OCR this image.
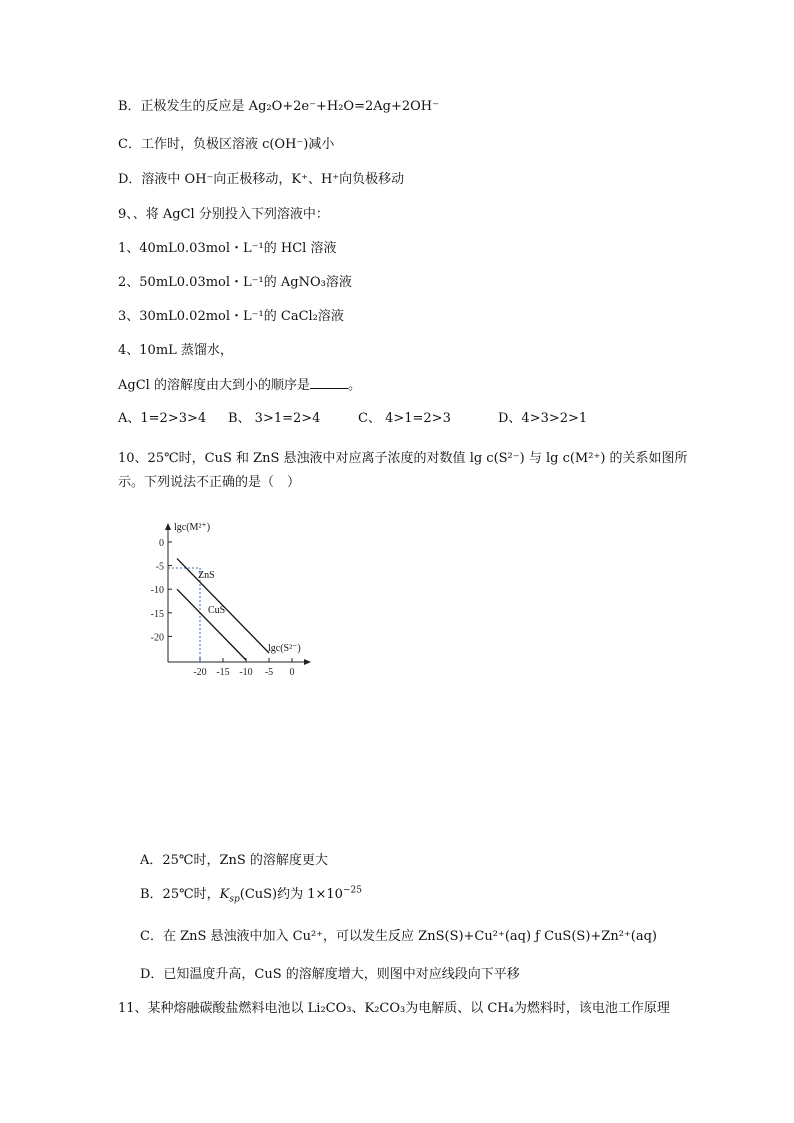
B．正极发生的反应是 Ag₂O+2e⁻+H₂O=2Ag+2OH⁻
C．工作时，负极区溶液 c(OH⁻)减小
D．溶液中 OH⁻向正极移动，K⁺、H⁺向负极移动
9、、将 AgCl 分别投入下列溶液中：
1、40mL0.03mol・L⁻¹的 HCl 溶液
2、50mL0.03mol・L⁻¹的 AgNO₃溶液
3、30mL0.02mol・L⁻¹的 CaCl₂溶液
4、10mL 蒸馏水，
AgCl 的溶解度由大到小的顺序是	。
A、1=2>3>4 B、 3>1=2>4	C、 4>1=2>3	D、4>3>2>1
10、25℃时，CuS 和 ZnS 悬浊液中对应离子浓度的对数值 lg c(S²⁻) 与 lg c(M²⁺) 的关系如图所
示。下列说法不正确的是（　）
0
-5
-10
-15
-20
-20 -15 -10 -5 0
ZnS
CuS
lgc(M²⁺)
lgc(S²⁻)
A．25℃时，ZnS 的溶解度更大
B．25℃时，$K_{sp}(CuS)$约为 $1\times 10^{-25}$
C．在 ZnS 悬浊液中加入 Cu²⁺，可以发生反应 ZnS(S)+Cu²⁺(aq) ƒ CuS(S)+Zn²⁺(aq)
D．已知温度升高，CuS 的溶解度增大，则图中对应线段向下平移
11、某种熔融碳酸盐燃料电池以 Li₂CO₃、K₂CO₃为电解质、以 CH₄为燃料时，该电池工作原理
